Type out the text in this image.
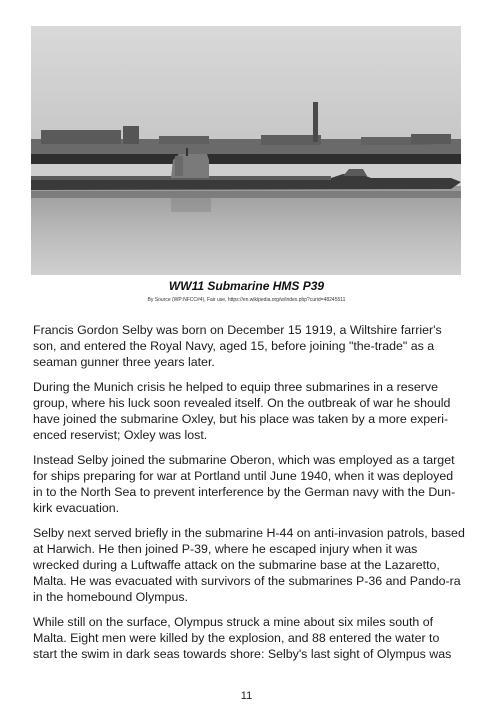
WW11 Submarine HMS P39
By Source (WP:NFCC#4), Fair use, https://en.wikipedia.org/w/index.php?curid=48245511

Francis Gordon Selby was born on December 15 1919, a Wiltshire farrier's son, and entered the Royal Navy, aged 15, before joining "the-trade" as a seaman gunner three years later.

During the Munich crisis he helped to equip three submarines in a reserve group, where his luck soon revealed itself. On the outbreak of war he should have joined the submarine Oxley, but his place was taken by a more experi-enced reservist; Oxley was lost.

Instead Selby joined the submarine Oberon, which was employed as a target for ships preparing for war at Portland until June 1940, when it was deployed in to the North Sea to prevent interference by the German navy with the Dun-kirk evacuation.

Selby next served briefly in the submarine H-44 on anti-invasion patrols, based at Harwich. He then joined P-39, where he escaped injury when it was wrecked during a Luftwaffe attack on the submarine base at the Lazaretto, Malta. He was evacuated with survivors of the submarines P-36 and Pando-ra in the homebound Olympus.

While still on the surface, Olympus struck a mine about six miles south of Malta. Eight men were killed by the explosion, and 88 entered the water to start the swim in dark seas towards shore: Selby's last sight of Olympus was

11
